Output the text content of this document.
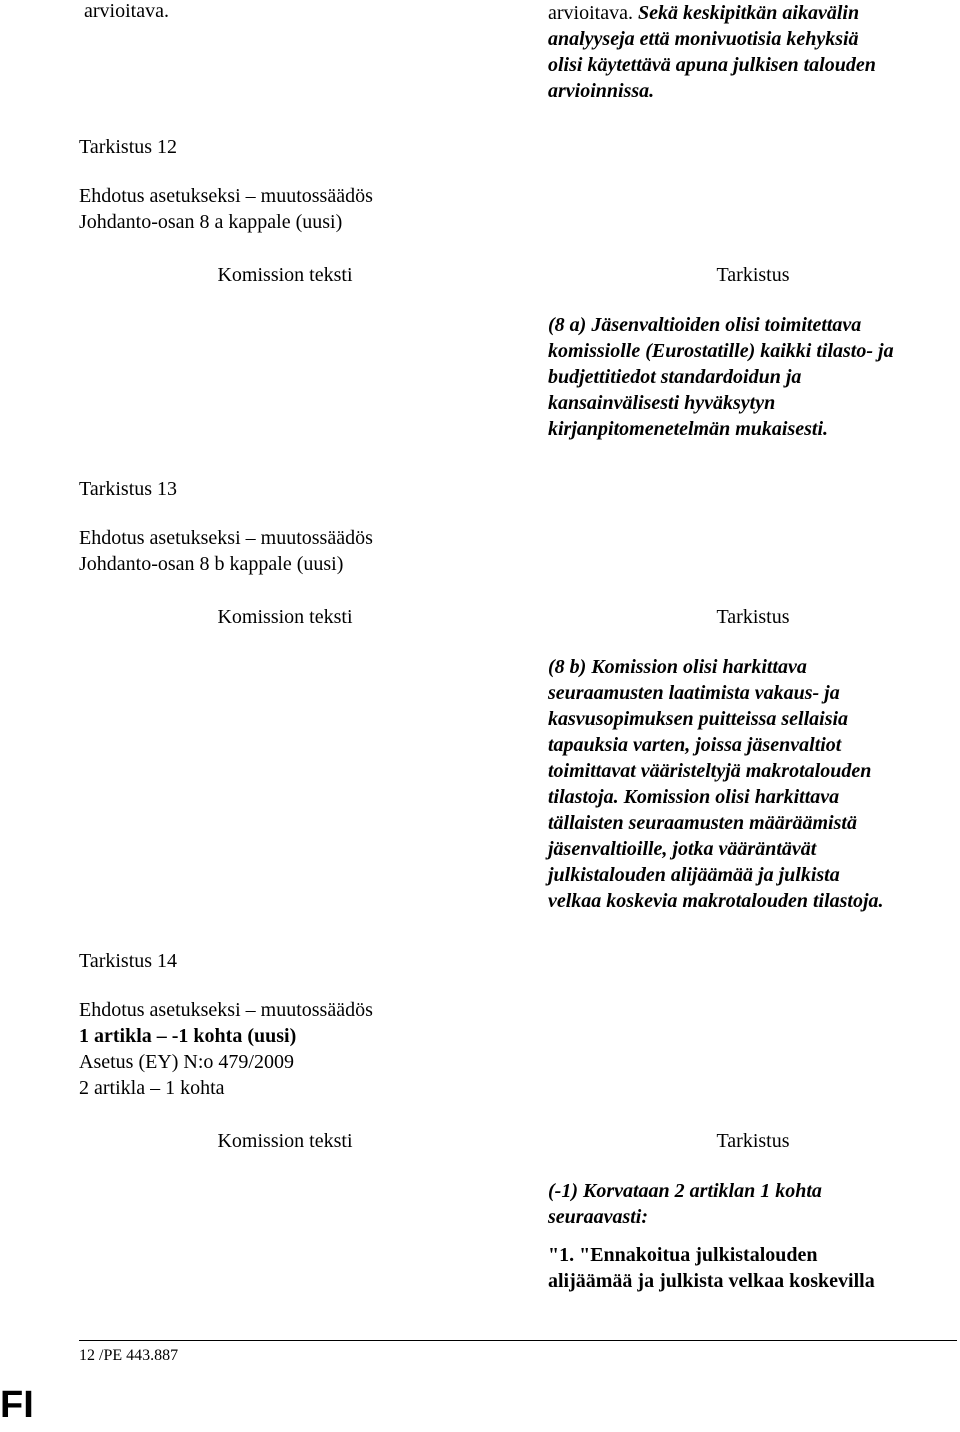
arvioitava.	arvioitava. Sekä keskipitkän aikavälin
analyyseja että monivuotisia kehyksiä
olisi käytettävä apuna julkisen talouden
arvioinnissa.
Tarkistus 12
Ehdotus asetukseksi – muutossäädös
Johdanto-osan 8 a kappale (uusi)
Komission teksti	Tarkistus
(8 a) Jäsenvaltioiden olisi toimitettava
komissiolle (Eurostatille) kaikki tilasto- ja
budjettitiedot standardoidun ja
kansainvälisesti hyväksytyn
kirjanpitomenetelmän mukaisesti.
Tarkistus 13
Ehdotus asetukseksi – muutossäädös
Johdanto-osan 8 b kappale (uusi)
Komission teksti	Tarkistus
(8 b) Komission olisi harkittava
seuraamusten laatimista vakaus- ja
kasvusopimuksen puitteissa sellaisia
tapauksia varten, joissa jäsenvaltiot
toimittavat vääristeltyjä makrotalouden
tilastoja. Komission olisi harkittava
tällaisten seuraamusten määräämistä
jäsenvaltioille, jotka vääräntävät
julkistalouden alijäämää ja julkista
velkaa koskevia makrotalouden tilastoja.
Tarkistus 14
Ehdotus asetukseksi – muutossäädös
1 artikla – -1 kohta (uusi)
Asetus (EY) N:o 479/2009
2 artikla – 1 kohta
Komission teksti	Tarkistus
(-1) Korvataan 2 artiklan 1 kohta
seuraavasti:
"1. "Ennakoitua julkistalouden
alijäämää ja julkista velkaa koskevilla
12 /PE 443.887
FI
